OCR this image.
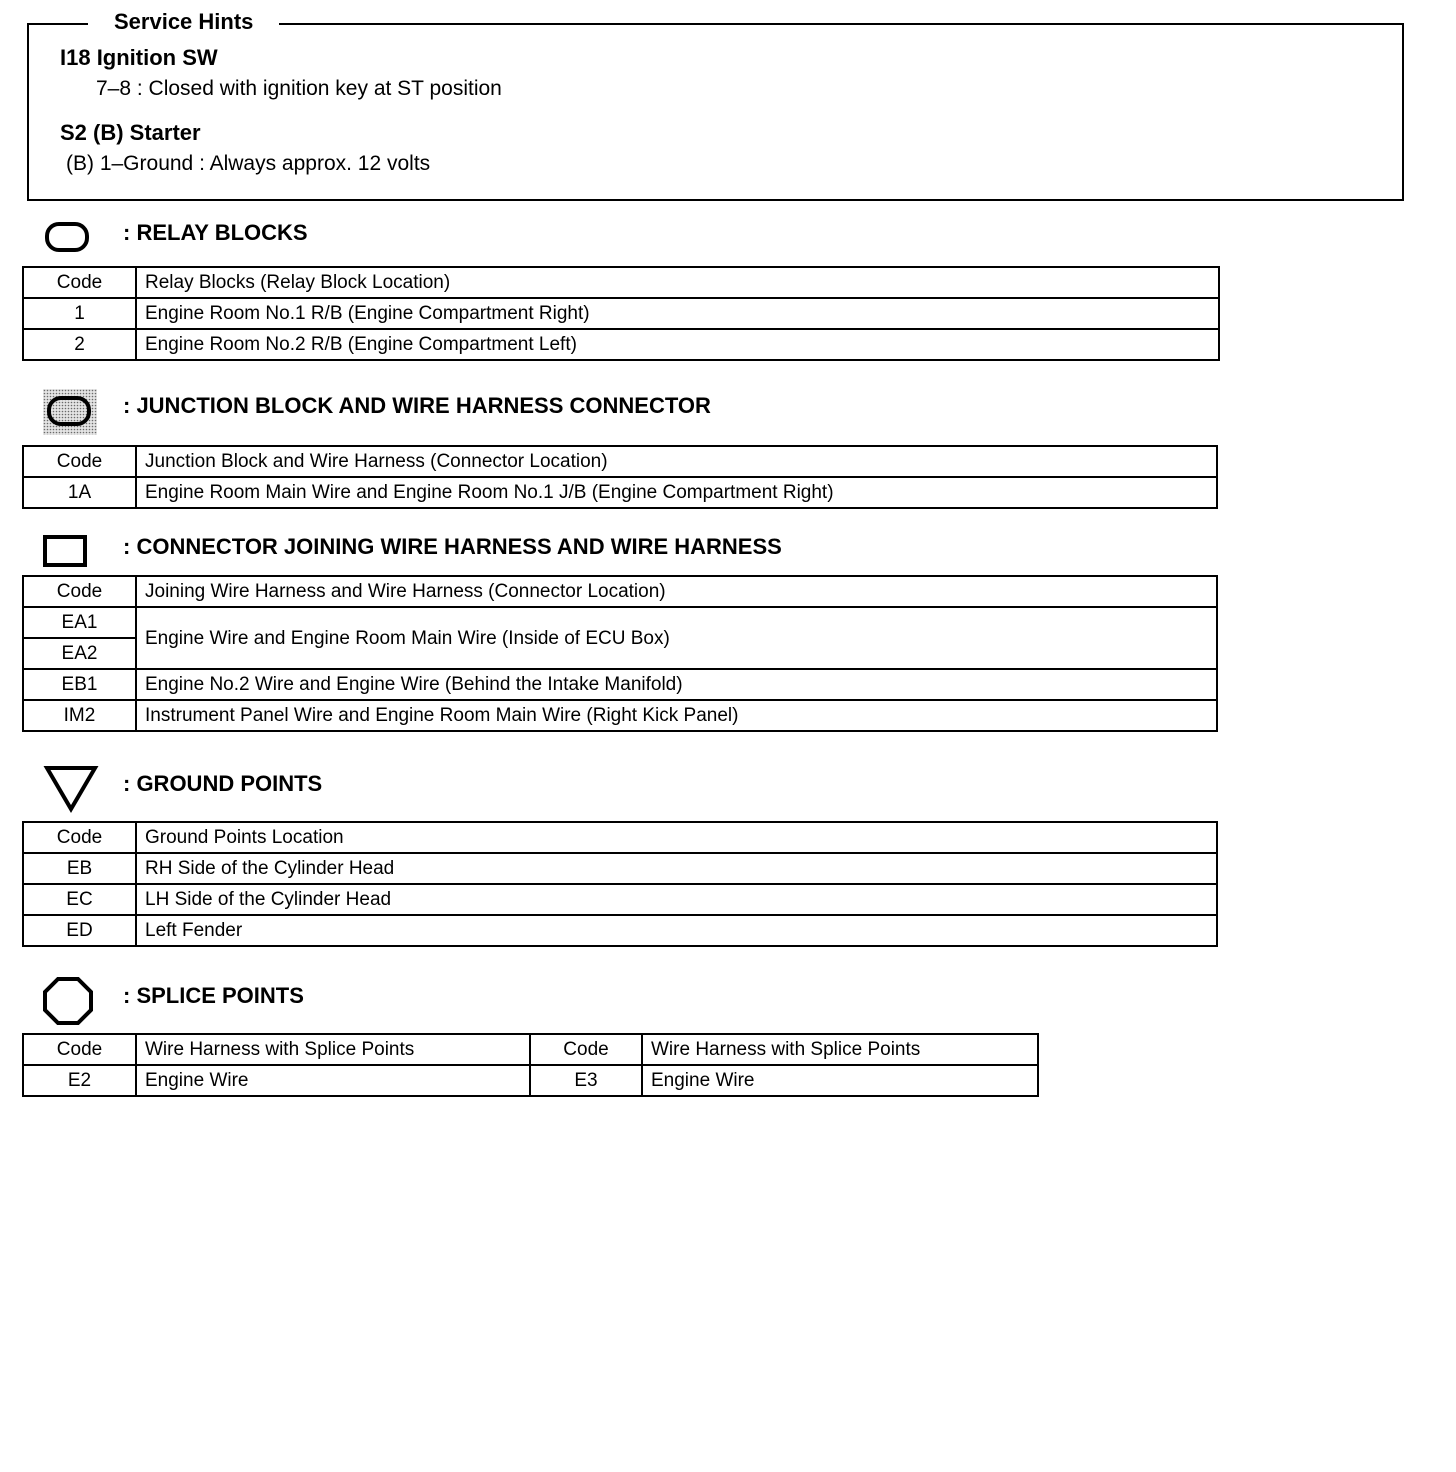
Service Hints
I18 Ignition SW
7–8 : Closed with ignition key at ST position
S2 (B) Starter
(B) 1–Ground : Always approx. 12 volts
: RELAY BLOCKS
Code	Relay Blocks (Relay Block Location)
1	Engine Room No.1 R/B (Engine Compartment Right)
2	Engine Room No.2 R/B (Engine Compartment Left)
: JUNCTION BLOCK AND WIRE HARNESS CONNECTOR
Code	Junction Block and Wire Harness (Connector Location)
1A	Engine Room Main Wire and Engine Room No.1 J/B (Engine Compartment Right)
: CONNECTOR JOINING WIRE HARNESS AND WIRE HARNESS
Code	Joining Wire Harness and Wire Harness (Connector Location)
EA1	Engine Wire and Engine Room Main Wire (Inside of ECU Box)
EA2	
EB1	Engine No.2 Wire and Engine Wire (Behind the Intake Manifold)
IM2	Instrument Panel Wire and Engine Room Main Wire (Right Kick Panel)
: GROUND POINTS
Code	Ground Points Location
EB	RH Side of the Cylinder Head
EC	LH Side of the Cylinder Head
ED	Left Fender
: SPLICE POINTS
Code	Wire Harness with Splice Points	Code	Wire Harness with Splice Points
E2	Engine Wire	E3	Engine Wire
